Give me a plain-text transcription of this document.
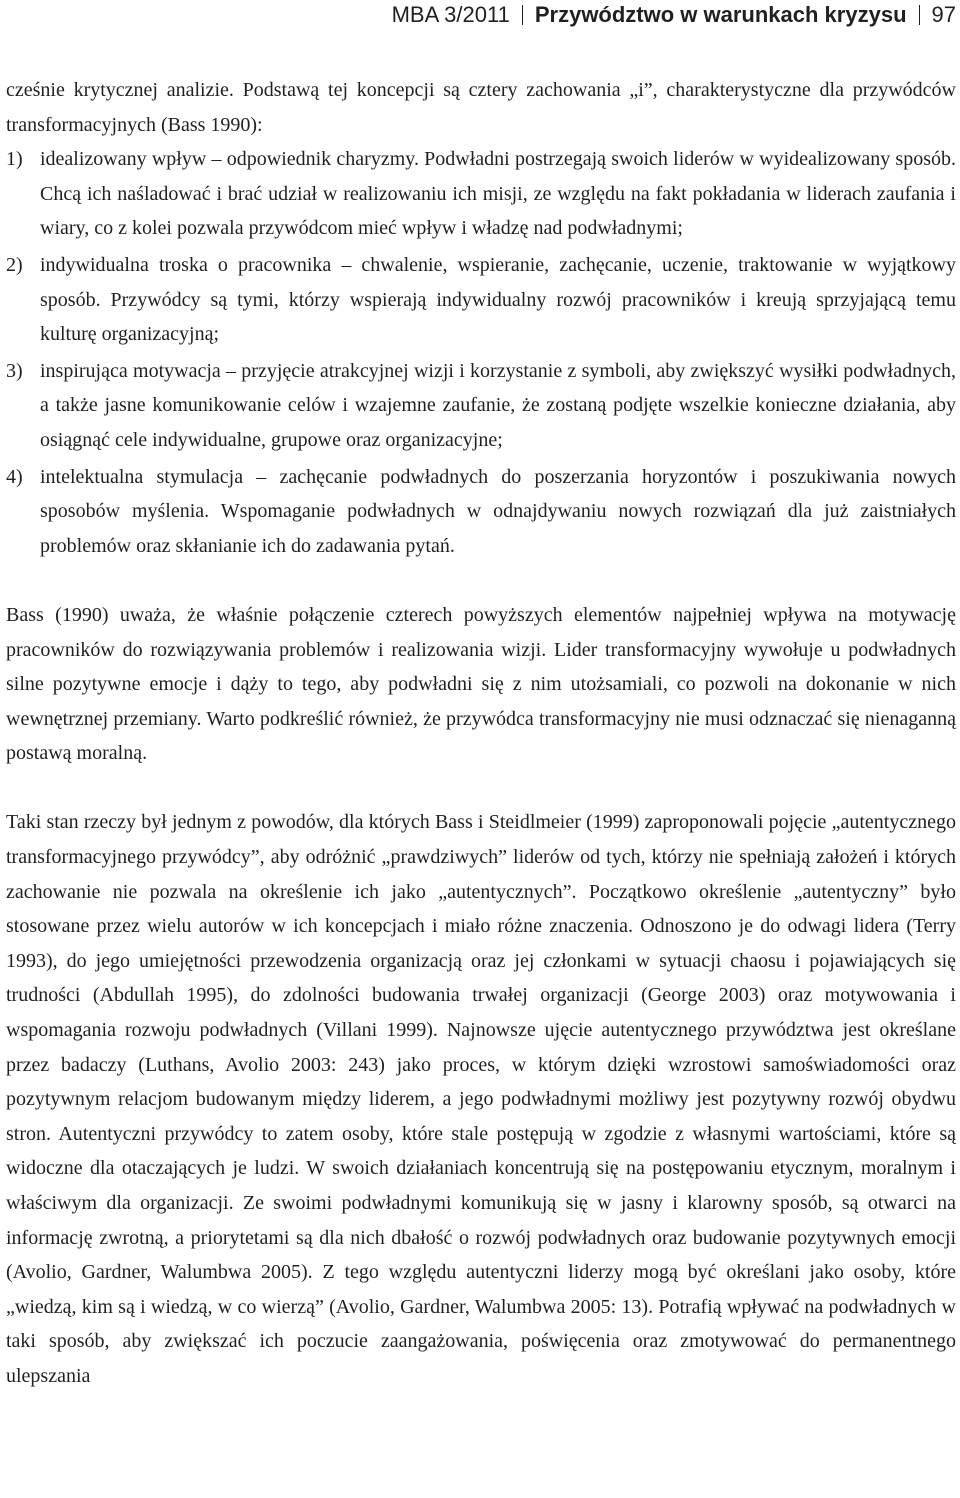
MBA 3/2011 Przywództwo w warunkach kryzysu 97

cześnie krytycznej analizie. Podstawą tej koncepcji są cztery zachowania „i”, charakterystyczne dla przywódców transformacyjnych (Bass 1990):

1) idealizowany wpływ – odpowiednik charyzmy. Podwładni postrzegają swoich liderów w wyidealizowany sposób. Chcą ich naśladować i brać udział w realizowaniu ich misji, ze względu na fakt pokładania w liderach zaufania i wiary, co z kolei pozwala przywódcom mieć wpływ i władzę nad podwładnymi;
2) indywidualna troska o pracownika – chwalenie, wspieranie, zachęcanie, uczenie, traktowanie w wyjątkowy sposób. Przywódcy są tymi, którzy wspierają indywidualny rozwój pracowników i kreują sprzyjającą temu kulturę organizacyjną;
3) inspirująca motywacja – przyjęcie atrakcyjnej wizji i korzystanie z symboli, aby zwiększyć wysiłki podwładnych, a także jasne komunikowanie celów i wzajemne zaufanie, że zostaną podjęte wszelkie konieczne działania, aby osiągnąć cele indywidualne, grupowe oraz organizacyjne;
4) intelektualna stymulacja – zachęcanie podwładnych do poszerzania horyzontów i poszukiwania nowych sposobów myślenia. Wspomaganie podwładnych w odnajdywaniu nowych rozwiązań dla już zaistniałych problemów oraz skłanianie ich do zadawania pytań.

Bass (1990) uważa, że właśnie połączenie czterech powyższych elementów najpełniej wpływa na motywację pracowników do rozwiązywania problemów i realizowania wizji. Lider transformacyjny wywołuje u podwładnych silne pozytywne emocje i dąży to tego, aby podwładni się z nim utożsamiali, co pozwoli na dokonanie w nich wewnętrznej przemiany. Warto podkreślić również, że przywódca transformacyjny nie musi odznaczać się nienaganną postawą moralną.

Taki stan rzeczy był jednym z powodów, dla których Bass i Steidlmeier (1999) zaproponowali pojęcie „autentycznego transformacyjnego przywódcy”, aby odróżnić „prawdziwych” liderów od tych, którzy nie spełniają założeń i których zachowanie nie pozwala na określenie ich jako „autentycznych”. Początkowo określenie „autentyczny” było stosowane przez wielu autorów w ich koncepcjach i miało różne znaczenia. Odnoszono je do odwagi lidera (Terry 1993), do jego umiejętności przewodzenia organizacją oraz jej członkami w sytuacji chaosu i pojawiających się trudności (Abdullah 1995), do zdolności budowania trwałej organizacji (George 2003) oraz motywowania i wspomagania rozwoju podwładnych (Villani 1999). Najnowsze ujęcie autentycznego przywództwa jest określane przez badaczy (Luthans, Avolio 2003: 243) jako proces, w którym dzięki wzrostowi samoświadomości oraz pozytywnym relacjom budowanym między liderem, a jego podwładnymi możliwy jest pozytywny rozwój obydwu stron. Autentyczni przywódcy to zatem osoby, które stale postępują w zgodzie z własnymi wartościami, które są widoczne dla otaczających je ludzi. W swoich działaniach koncentrują się na postępowaniu etycznym, moralnym i właściwym dla organizacji. Ze swoimi podwładnymi komunikują się w jasny i klarowny sposób, są otwarci na informację zwrotną, a priorytetami są dla nich dbałość o rozwój podwładnych oraz budowanie pozytywnych emocji (Avolio, Gardner, Walumbwa 2005). Z tego względu autentyczni liderzy mogą być określani jako osoby, które „wiedzą, kim są i wiedzą, w co wierzą” (Avolio, Gardner, Walumbwa 2005: 13). Potrafią wpływać na podwładnych w taki sposób, aby zwiększać ich poczucie zaangażowania, poświęcenia oraz zmotywować do permanentnego ulepszania
